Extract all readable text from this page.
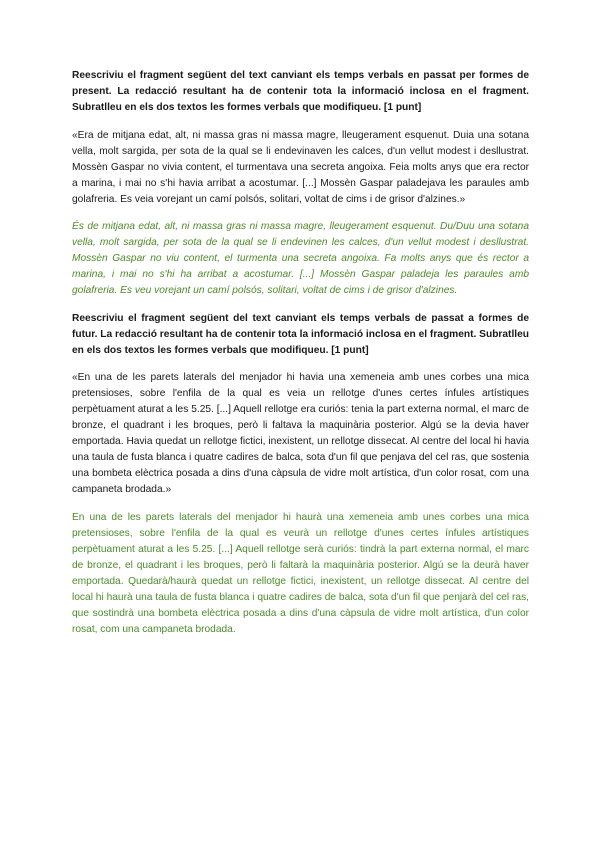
Reescriviu el fragment següent del text canviant els temps verbals en passat per formes de present. La redacció resultant ha de contenir tota la informació inclosa en el fragment. Subratlleu en els dos textos les formes verbals que modifiqueu. [1 punt]

«Era de mitjana edat, alt, ni massa gras ni massa magre, lleugerament esquenut. Duia una sotana vella, molt sargida, per sota de la qual se li endevinaven les calces, d'un vellut modest i desllustrat. Mossèn Gaspar no vivia content, el turmentava una secreta angoixa. Feia molts anys que era rector a marina, i mai no s'hi havia arribat a acostumar. [...] Mossèn Gaspar paladejava les paraules amb golafreria. Es veia vorejant un camí polsós, solitari, voltat de cims i de grisor d'alzines.»

És de mitjana edat, alt, ni massa gras ni massa magre, lleugerament esquenut. Du/Duu una sotana vella, molt sargida, per sota de la qual se li endevinen les calces, d'un vellut modest i desllustrat. Mossèn Gaspar no viu content, el turmenta una secreta angoixa. Fa molts anys que és rector a marina, i mai no s'hi ha arribat a acostumar. [...] Mossèn Gaspar paladeja les paraules amb golafreria. Es veu vorejant un camí polsós, solitari, voltat de cims i de grisor d'alzines.

Reescriviu el fragment següent del text canviant els temps verbals de passat a formes de futur. La redacció resultant ha de contenir tota la informació inclosa en el fragment. Subratlleu en els dos textos les formes verbals que modifiqueu. [1 punt]

«En una de les parets laterals del menjador hi havia una xemeneia amb unes corbes una mica pretensioses, sobre l'enfila de la qual es veia un rellotge d'unes certes ínfules artístiques perpètuament aturat a les 5.25. [...] Aquell rellotge era curiós: tenia la part externa normal, el marc de bronze, el quadrant i les broques, però li faltava la maquinària posterior. Algú se la devia haver emportada. Havia quedat un rellotge fictici, inexistent, un rellotge dissecat. Al centre del local hi havia una taula de fusta blanca i quatre cadires de balca, sota d'un fil que penjava del cel ras, que sostenia una bombeta elèctrica posada a dins d'una càpsula de vidre molt artística, d'un color rosat, com una campaneta brodada.»

En una de les parets laterals del menjador hi haurà una xemeneia amb unes corbes una mica pretensioses, sobre l'enfila de la qual es veurà un rellotge d'unes certes ínfules artístiques perpètuament aturat a les 5.25. [...] Aquell rellotge serà curiós: tindrà la part externa normal, el marc de bronze, el quadrant i les broques, però li faltarà la maquinària posterior. Algú se la deurà haver emportada. Quedarà/haurà quedat un rellotge fictici, inexistent, un rellotge dissecat. Al centre del local hi haurà una taula de fusta blanca i quatre cadires de balca, sota d'un fil que penjarà del cel ras, que sostindrà una bombeta elèctrica posada a dins d'una càpsula de vidre molt artística, d'un color rosat, com una campaneta brodada.
